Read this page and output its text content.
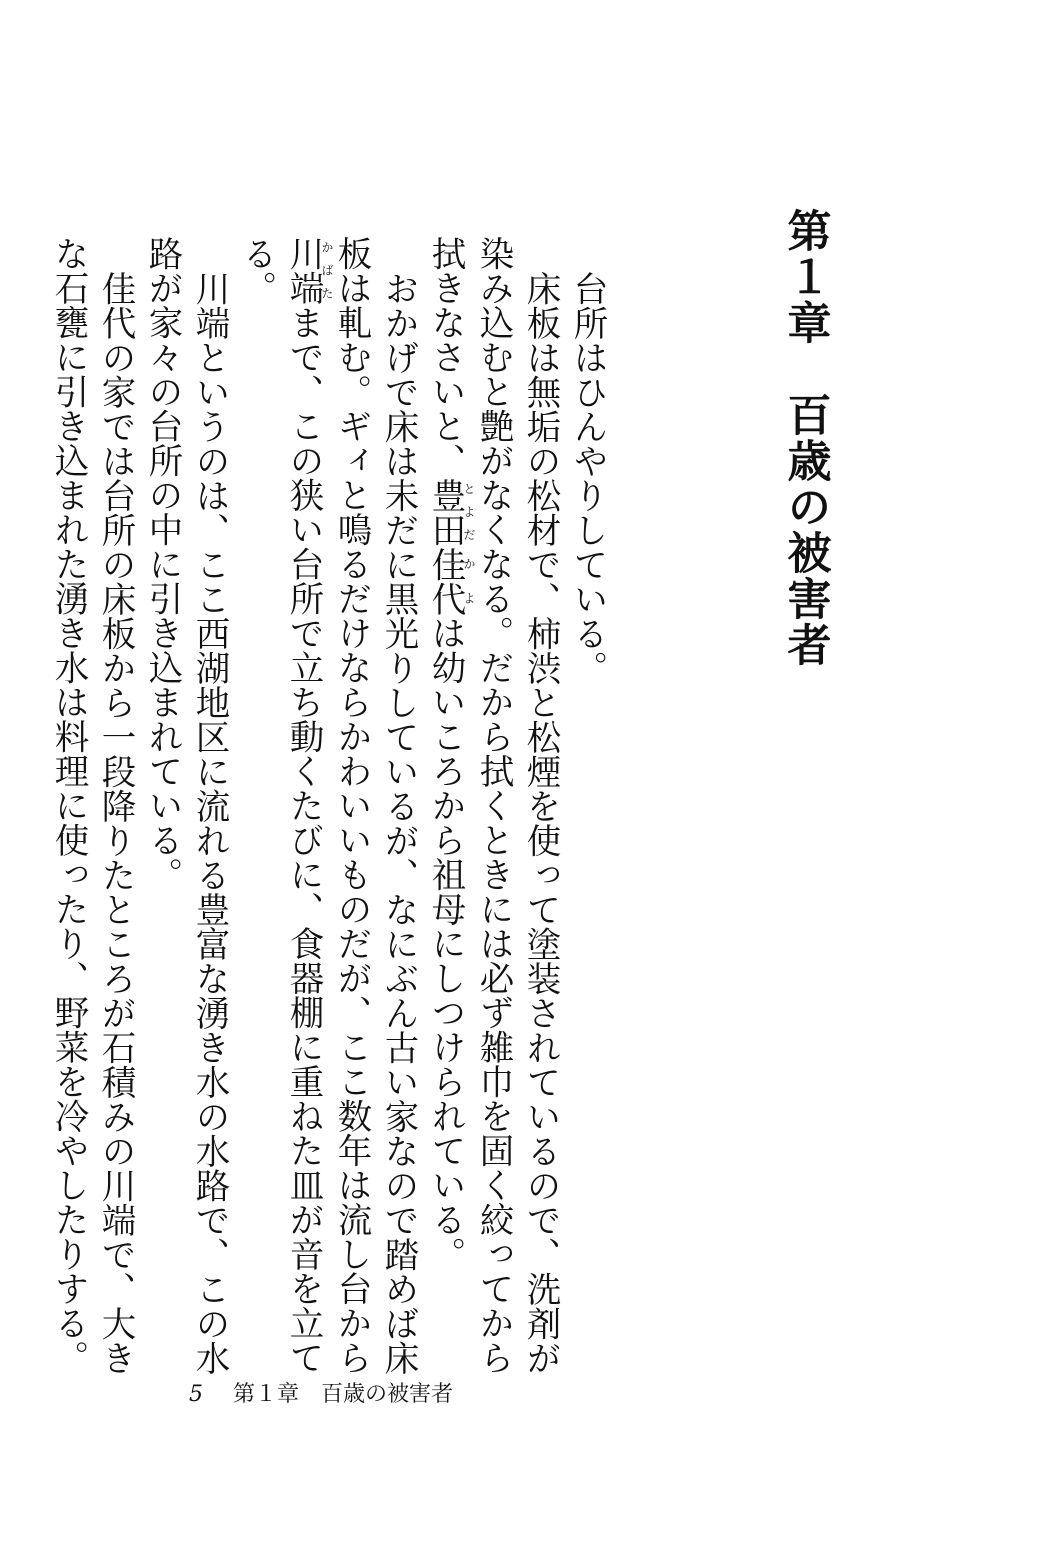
第１章　百歳の被害者

台所はひんやりしている。

床板は無垢の松材で、柿渋と松煙を使って塗装されているので、洗剤が染み込むと艶がなくなる。だから拭くときには必ず雑巾を固く絞ってから拭きなさいと、豊田とよだ佳代かよは幼いころから祖母にしつけられている。

おかげで床は未だに黒光りしているが、なにぶん古い家なので踏めば床板は軋む。ギィと鳴るだけならかわいいものだが、ここ数年は流し台から川端かばたまで、この狭い台所で立ち動くたびに、食器棚に重ねた皿が音を立てる。

川端というのは、ここ西湖地区に流れる豊富な湧き水の水路で、この水路が家々の台所の中に引き込まれている。

佳代の家では台所の床板から一段降りたところが石積みの川端で、大きな石甕に引き込まれた湧き水は料理に使ったり、野菜を冷やしたりする。

5 第１章　百歳の被害者
